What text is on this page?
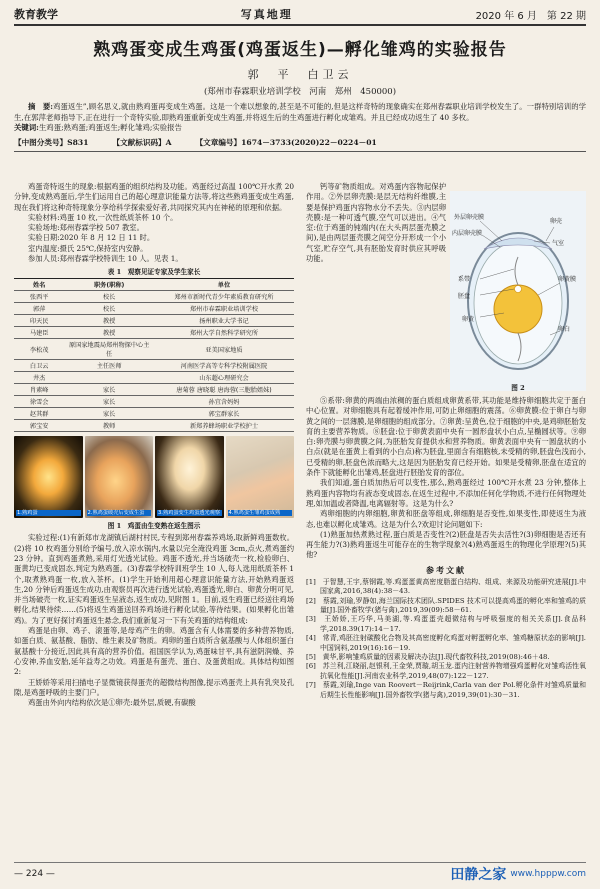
教育教学	写真地理	2020 年 6 月　第 22 期
熟鸡蛋变成生鸡蛋(鸡蛋返生)—孵化雏鸡的实验报告
郭　平　白卫云
(郑州市春霖职业培训学校　河南　郑州　450000)
摘　要:鸡蛋返生”,顾名思义,就由熟鸡蛋再变成生鸡蛋。这是一个难以想象的,甚至是不可能的,但是这样奇特的现象确实在郑州春霖职业培训学校发生了。一群特别培训的学生,在郭萍老师指导下,正在进行一个奇特实验,即熟鸡蛋重新变成生鸡蛋,并将返生后的生鸡蛋进行孵化成雏鸡。并且已经成功返生了 40 多枚。
关键词:生鸡蛋;熟鸡蛋;鸡蛋返生;孵化雏鸡;实验报告
【中图分类号】S831	【文献标识码】A	【文章编号】1674－3733(2020)22－0224－01

鸡蛋奇特返生的现象:根据鸡蛋的组织结构及功能。鸡蛋经过高温 100℃开水煮 20 分钟,变成熟鸡蛋后,学生们运用自己的超心理意识能量方法等,将这些熟鸡蛋变成生鸡蛋,现在我们将这种奇特现象分享给科学探索爱好者,共同探究其内在神秘的原理和依据。

实验材料:鸡蛋 10 枚,一次性纸质茶杯 10 个。

实验场地:郑州春霖学校 507 教室。

实验日期:2020 年 8 月 12 日 11 时。

室内温度:摄氏 25℃,保持室内安静。

参加人员:郑州春霖学校特训生 10 人。见表 1。

表 1　观察见证专家及学生家长
姓名	职务(职称)	单位
张西平	校长	郑州市新时代青少年素质教育研究所
郭萍	校长	郑州市春霖职业培训学校
印天民	教授	扬州职业大学书记
马建臣	教授	郑州大学自然科学研究所
李松茂	原国家地震局郑州物探中心主任	亚美国家地质
白卫云	主任医师	河南医学高等专科学校附属医院
井杰		山东超心理研究会
肖素峰	家长	唐菊蓉 唐晓聪 唐海蓉(三胞胎姐妹)
徐雪会	家长	孙宜含妈妈
赵其群	家长	郭宝群家长
郭宝安	教师	新郑养蜂场职业学校护士
1.熟鸡蛋	2.熟鸡蛋破壳后变成生蛋	3.熟鸡蛋变生鸡蛋透光观察 4.熟鸡蛋生雏鸡蛋成熟
图 1　鸡蛋由生变熟在返生图示

实验过程:(1)有新郑市龙湖镇后湖村村民,专程到郑州春霖养鸡场,取新鲜鸡蛋数枚。(2)将 10 枚鸡蛋分别给予编号,放入凉水锅内,水量以完全淹没鸡蛋 3cm,点火,煮鸡蛋约 23 分钟。直到鸡蛋煮熟,采用灯光透光试验。鸡蛋不透光,并当场破壳一枚,检验卵白、蛋黄均已变成固态,判定为熟鸡蛋。(3)春霖学校特训班学生 10 人,每人选用纸质茶杯 1 个,取煮熟鸡蛋一枚,放入茶杯。(1)学生开始利用超心理意识能量方法,开始熟鸡蛋返生,20 分钟后鸡蛋返生成功,由观察员再次进行透光试验,鸡蛋透光,卵白、卵黄分明可见,并当场破壳一枚,证实鸡蛋返生呈液态,返生成功,见附图 1。目前,返生鸡蛋已经送往鸡场孵化,结果待续……(5)将返生鸡蛋送回养鸡场进行孵化试验,等待结果。(如果孵化出雏鸡)。为了更好探讨鸡蛋返生悬念,我们重新复习一下有关鸡蛋的结构组成:

鸡蛋是由卵、鸡子、滚蛋等,是母鸡产生的卵。鸡蛋含有人体需要的多种营养物质,如蛋白质、氨基酸、脂肪、维生素及矿物质。鸡卵的蛋白质所含氨基酸与人体组织蛋白氨基酸十分接近,因此具有高的营养价值。祖国医学认为,鸡蛋味甘平,具有滋阴润燥、养心安神,养血安胎,延年益寿之功效。鸡蛋是有蛋壳、蛋白、及蛋黄组成。具体结构如图 2:

王娇娇等采用扫描电子显微镜获得蛋壳的超微结构图像,提示鸡蛋壳上具有乳突及孔隙,是鸡蛋呼吸的主要门户。

鸡蛋由外向内结构依次是①卵壳:最外层,质硬,有碳酸

钙等矿物质组成。对鸡蛋内容物起保护作用。②外层卵壳膜:是层无结构纤维膜,主要是保护鸡蛋内容物水分不丢失。③内层卵壳膜:是一种可透气膜,空气可以进出。④气室:位于鸡蛋的钝端内(在大头两层蛋壳膜之间),是由两层蛋壳膜之间空分开形成一个小气室,贮存空气,具有胚胎发育时供应其呼吸功能。

外层卵壳膜
卵壳
内层卵壳膜
气室
系带	卵黄膜
胚盘
卵黄
卵白
图 2

⑤系带:卵黄的两端由浓稠的蛋白质组成卵黄系带,其功能是维持卵细胞共定于蛋白中心位置。对卵细胞具有起着缓冲作用,可防止卵细胞的震荡。⑥卵黄膜:位于卵白与卵黄之间的一层薄膜,是卵细胞的组成部分。⑦卵黄:呈黄色,位于细胞的中央,是鸡卵胚胎发育的主要营养物质。⑧胚盘:位于卵黄表面中央有一圆形盘状小白点,呈椭圆状等。⑨卵白:卵壳膜与卵黄膜之间,为胚胎发育提供水和营养物质。卵黄表面中央有一圆盘状的小白点(就是在蛋黄上看到的小白点)称为胚盘,里面含有细胞核,未受精的卵,胚盘色浅而小,已受精的卵,胚盘色浓而略大,这是因为胚胎发育已经开始。如果是受精卵,胚盘在适宜的条件下就能孵化出雏鸡,胚盘进行胚胎发育的部位。

我们知道,蛋白质加热后可以变性,那么,熟鸡蛋经过 100℃开水煮 23 分钟,整体上熟鸡蛋内容物均有液态变成固态,在返生过程中,不添加任何化学物质,不进行任何物理处理,如加温或者降温,电离辐射等。这是为什么?

鸡卵细胞的内卵细胞,卵黄和胚盘等组成,卵细胞是否变性,如果变性,即使返生为液态,也难以孵化成雏鸡。这是为什么?欢迎讨论问题如下:

(1)熟蛋加热煮熟过程,蛋白质是否变性?(2)胚盘是否失去活性?(3)卵细胞是否还有再生能力?(3)熟鸡蛋返生可能存在的生物学现象?(4)熟鸡蛋返生的物理化学原理?(5)其他?

参考文献
[1]　于智慧,王宇,蔡钢霞,等.鸡蛋蛋黄高密度脂蛋白结构、组成、来源及功能研究进展[J].中国家禽,2016,38(4):38－43.
[2]　蔡霞,刘瑜,罗静如,海兰国际技术团队.SPIDES 技术可以提高鸡蛋的孵化率和雏鸡的质量[J].国外畜牧学(猪与禽),2019,39(09):58－61.
[3]　王娇娇,王巧华,马美湖,等.鸡蛋蛋壳超微结构与呼吸强度的相关关系[J].食品科学,2018.39(17):14－17.
[4]　常青,鸡胚注射碳酸化合物及其高密度孵化鸡蛋对孵蛋孵化率、雏鸡糖原状态的影响[J].中国饲料,2019(16):16－19.
[5]　黄华,影响雏鸡质量的因素及解决办法[J].现代畜牧科技,2019(08):46＋48.
[6]　苏兰利,江晓丽,赵银利,王金荣,贾璇,胡玉龙.蛋内注射营养物增强鸡蛋孵化对雏鸡活性氧抗氧化性能[J].河南农业科学,2019,48(07):122－127.
[7]　蔡霞,刘瑜,Inge van Roovert－Reijrink,Carla van der Pol.孵化条件对雏鸡质量和后期生长性能影响[J].国外畜牧学(猪与禽),2019,39(01):30－31.
— 224 —	田静之家 www.hpppw.com
